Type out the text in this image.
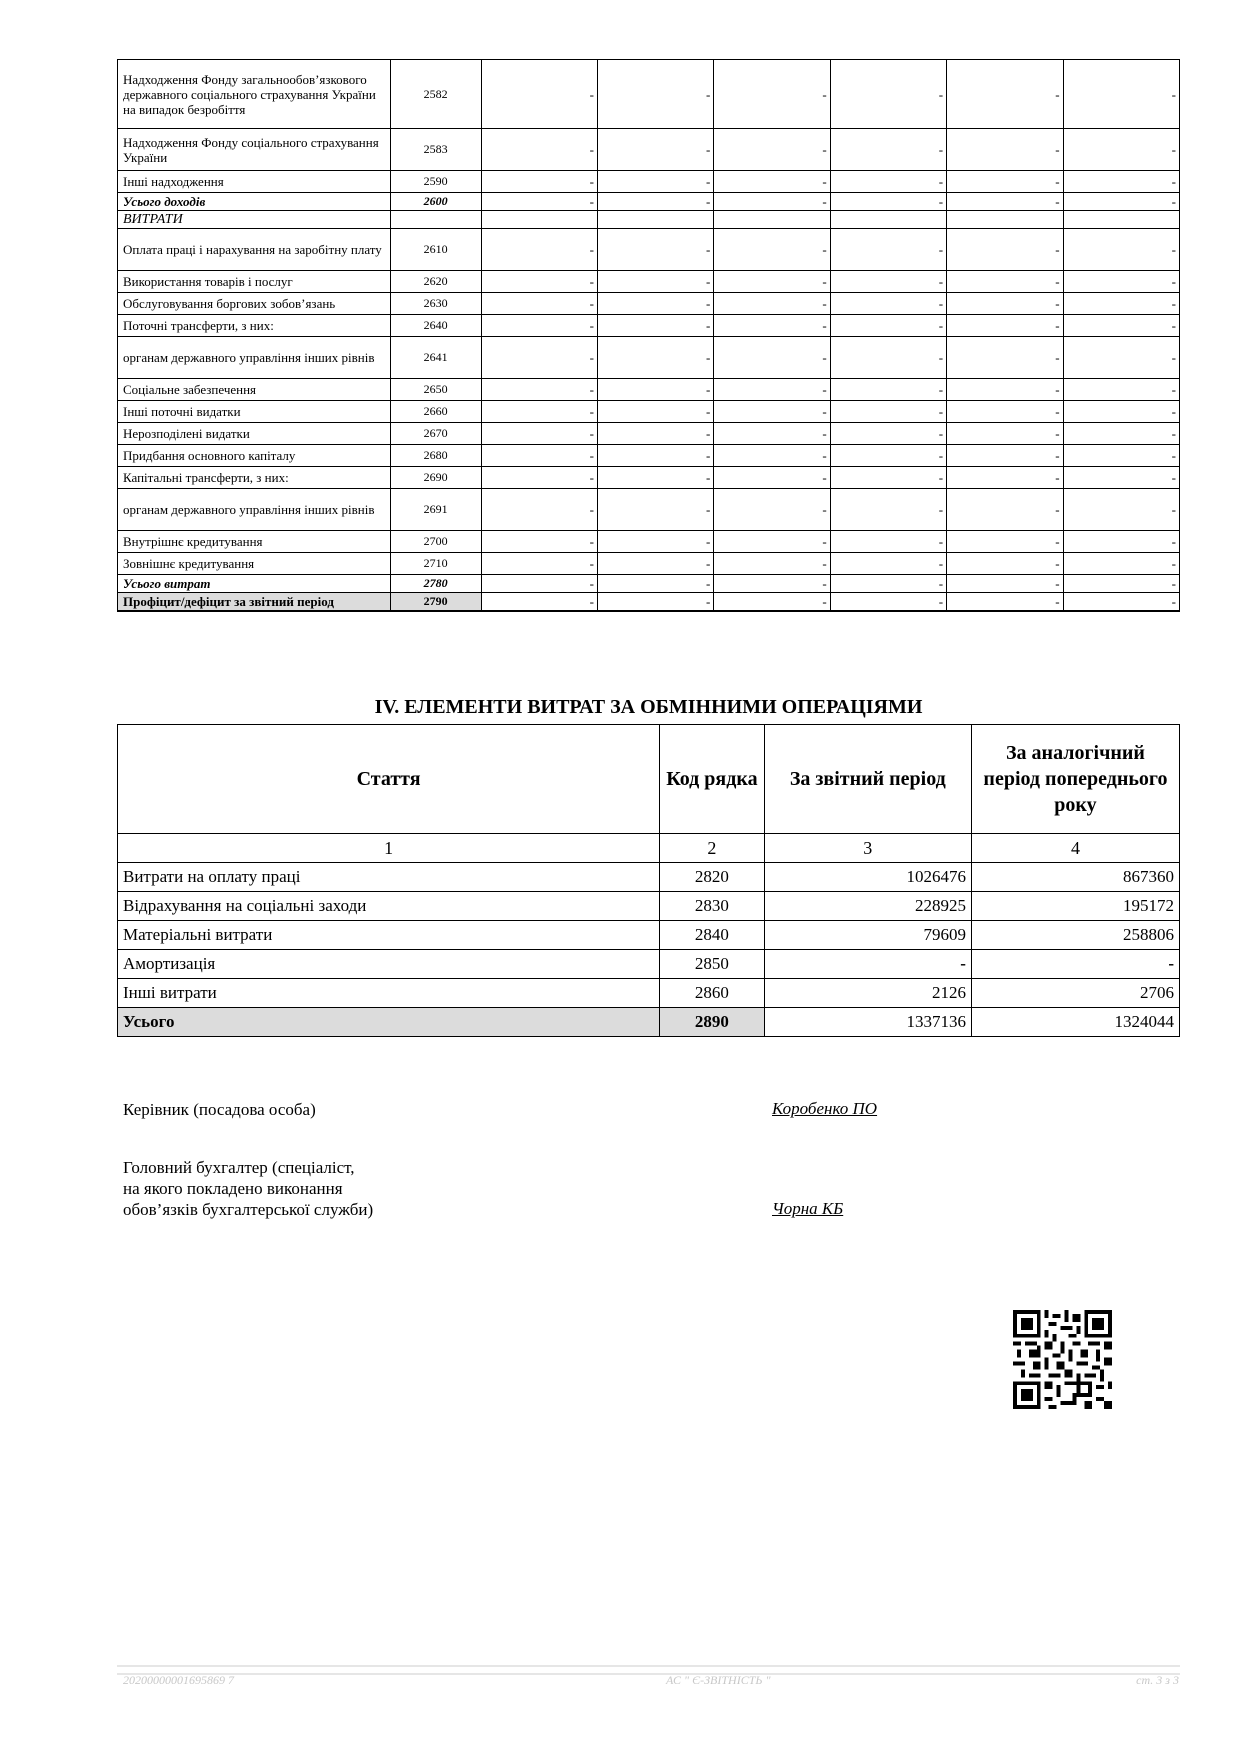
Надходження Фонду загальнообов’язкового державного соціального страхування України на випадок безробіття	2582	-	-	-	-	-	-
Надходження Фонду соціального страхування України	2583	-	-	-	-	-	-
Інші надходження	2590	-	-	-	-	-	-
Усього доходів	2600	-	-	-	-	-	-
ВИТРАТИ							
Оплата праці і нарахування на заробітну плату	2610	-	-	-	-	-	-
Використання товарів і послуг	2620	-	-	-	-	-	-
Обслуговування боргових зобов’язань	2630	-	-	-	-	-	-
Поточні трансферти, з них:	2640	-	-	-	-	-	-
органам державного управління інших рівнів	2641	-	-	-	-	-	-
Соціальне забезпечення	2650	-	-	-	-	-	-
Інші поточні видатки	2660	-	-	-	-	-	-
Нерозподілені видатки	2670	-	-	-	-	-	-
Придбання основного капіталу	2680	-	-	-	-	-	-
Капітальні трансферти, з них:	2690	-	-	-	-	-	-
органам державного управління інших рівнів	2691	-	-	-	-	-	-
Внутрішнє кредитування	2700	-	-	-	-	-	-
Зовнішнє кредитування	2710	-	-	-	-	-	-
Усього витрат	2780	-	-	-	-	-	-
Профіцит/дефіцит за звітний період	2790	-	-	-	-	-	-
IV. ЕЛЕМЕНТИ ВИТРАТ ЗА ОБМІННИМИ ОПЕРАЦІЯМИ
Стаття	Код рядка	За звітний період	За аналогічний період попереднього року
1	2	3	4
Витрати на оплату праці	2820	1026476	867360
Відрахування на соціальні заходи	2830	228925	195172
Матеріальні витрати	2840	79609	258806
Амортизація	2850	-	-
Інші витрати	2860	2126	2706
Усього	2890	1337136	1324044
Керівник (посадова особа)	Коробенко ПО
Головний бухгалтер (спеціаліст,
на якого покладено виконання
обов’язків бухгалтерської служби)	Чорна КБ
20200000001695869 7	АС " Є-ЗВІТНІСТЬ "	ст. 3 з 3
